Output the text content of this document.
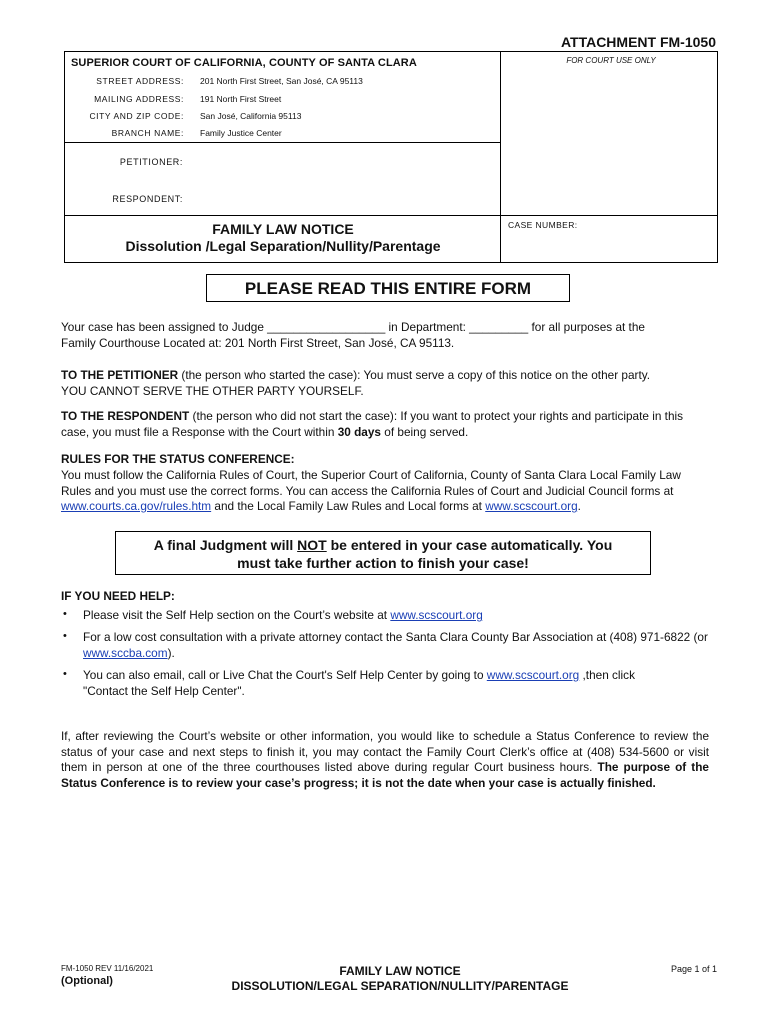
ATTACHMENT FM-1050
SUPERIOR COURT OF CALIFORNIA, COUNTY OF SANTA CLARA	FOR COURT USE ONLY
STREET ADDRESS: 201 North First Street, San José, CA 95113
MAILING ADDRESS: 191 North First Street
CITY AND ZIP CODE: San José, California 95113
BRANCH NAME: Family Justice Center
PETITIONER:
RESPONDENT:
FAMILY LAW NOTICE
Dissolution /Legal Separation/Nullity/Parentage
CASE NUMBER:
PLEASE READ THIS ENTIRE FORM
Your case has been assigned to Judge __________________ in Department: _________ for all purposes at the
Family Courthouse Located at: 201 North First Street, San José, CA 95113.
TO THE PETITIONER (the person who started the case): You must serve a copy of this notice on the other party.
YOU CANNOT SERVE THE OTHER PARTY YOURSELF.
TO THE RESPONDENT (the person who did not start the case): If you want to protect your rights and participate in this case, you must file a Response with the Court within 30 days of being served.
RULES FOR THE STATUS CONFERENCE:
You must follow the California Rules of Court, the Superior Court of California, County of Santa Clara Local Family Law Rules and you must use the correct forms. You can access the California Rules of Court and Judicial Council forms at www.courts.ca.gov/rules.htm and the Local Family Law Rules and Local forms at www.scscourt.org.
A final Judgment will NOT be entered in your case automatically. You
must take further action to finish your case!
IF YOU NEED HELP:
• Please visit the Self Help section on the Court’s website at www.scscourt.org
• For a low cost consultation with a private attorney contact the Santa Clara County Bar Association at (408) 971-6822 (or www.sccba.com).
• You can also email, call or Live Chat the Court's Self Help Center by going to www.scscourt.org ,then click
"Contact the Self Help Center".
If, after reviewing the Court’s website or other information, you would like to schedule a Status Conference to review the status of your case and next steps to finish it, you may contact the Family Court Clerk’s office at (408) 534-5600 or visit them in person at one of the three courthouses listed above during regular Court business hours. The purpose of the Status Conference is to review your case’s progress; it is not the date when your case is actually finished.
FM-1050 REV 11/16/2021
(Optional)
FAMILY LAW NOTICE
DISSOLUTION/LEGAL SEPARATION/NULLITY/PARENTAGE
Page 1 of 1
